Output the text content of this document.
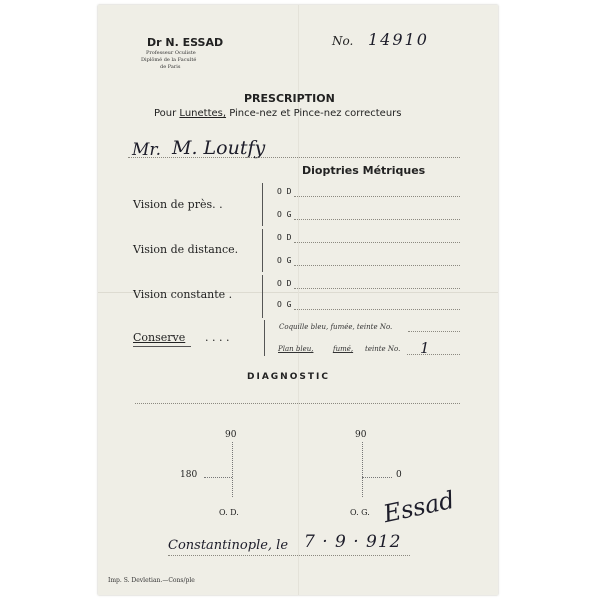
Dr N. ESSAD
Professeur Oculiste
Diplômé de la Faculté
de Paris
No. 14910
PRESCRIPTION
Pour Lunettes, Pince-nez et Pince-nez correcteurs
Mr. M. Loutfy
Dioptries Métriques
Vision de près. .
O D
O G
Vision de distance.
O D
O G
Vision constante .
O D
O G
Conserve . . . .
Coquille bleu, fumée, teinte No.
Plan bleu,	fumé, teinte No. 1
DIAGNOSTIC
90
180
O. D.
90
0
O. G. Essad
Constantinople, le 7 · 9 · 912
Imp. S. Devletian.—Cons/ple
